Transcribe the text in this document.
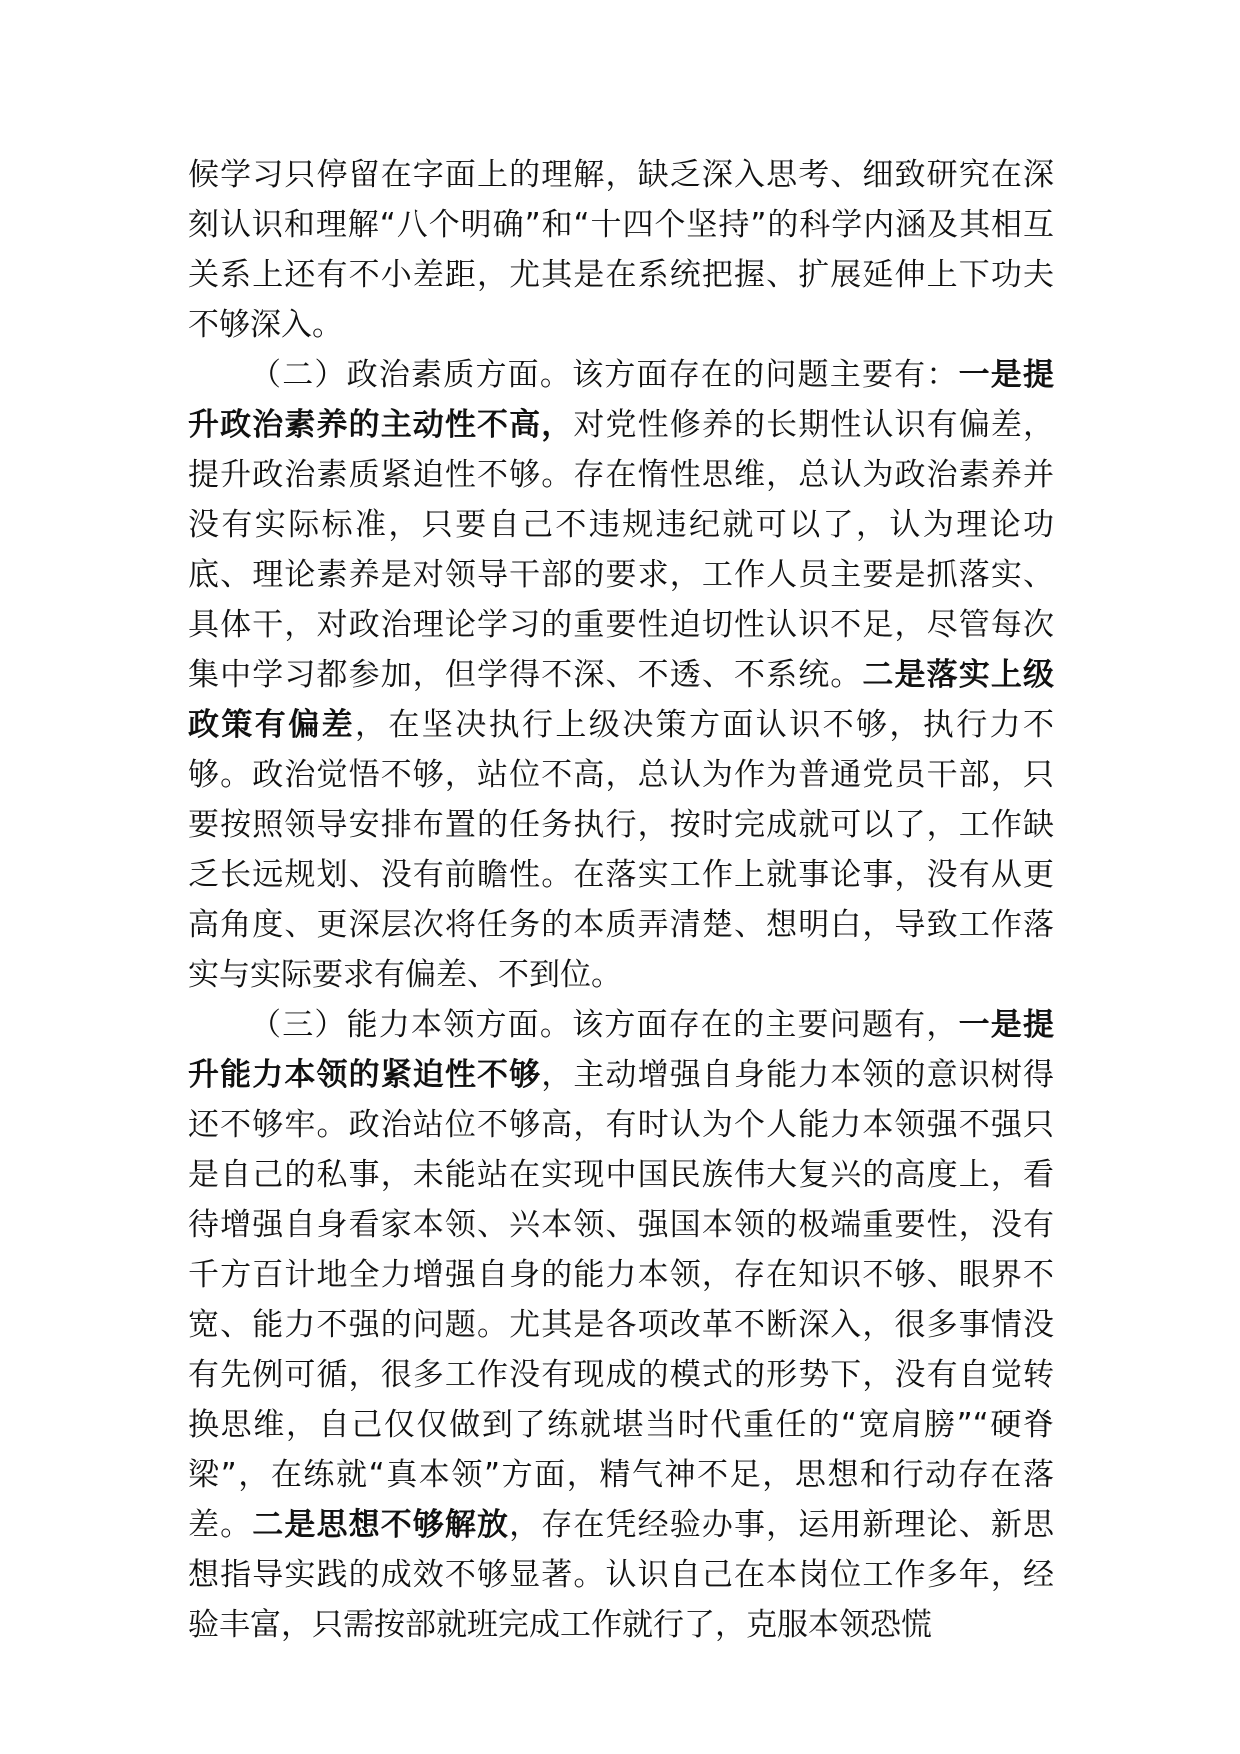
候学习只停留在字面上的理解，缺乏深入思考、细致研究在深刻认识和理解“八个明确”和“十四个坚持”的科学内涵及其相互关系上还有不小差距，尤其是在系统把握、扩展延伸上下功夫不够深入。

（二）政治素质方面。该方面存在的问题主要有：一是提升政治素养的主动性不高，对党性修养的长期性认识有偏差，提升政治素质紧迫性不够。存在惰性思维，总认为政治素养并没有实际标准，只要自己不违规违纪就可以了，认为理论功底、理论素养是对领导干部的要求，工作人员主要是抓落实、具体干，对政治理论学习的重要性迫切性认识不足，尽管每次集中学习都参加，但学得不深、不透、不系统。二是落实上级政策有偏差，在坚决执行上级决策方面认识不够，执行力不够。政治觉悟不够，站位不高，总认为作为普通党员干部，只要按照领导安排布置的任务执行，按时完成就可以了，工作缺乏长远规划、没有前瞻性。在落实工作上就事论事，没有从更高角度、更深层次将任务的本质弄清楚、想明白，导致工作落实与实际要求有偏差、不到位。

（三）能力本领方面。该方面存在的主要问题有，一是提升能力本领的紧迫性不够，主动增强自身能力本领的意识树得还不够牢。政治站位不够高，有时认为个人能力本领强不强只是自己的私事，未能站在实现中国民族伟大复兴的高度上，看待增强自身看家本领、兴本领、强国本领的极端重要性，没有千方百计地全力增强自身的能力本领，存在知识不够、眼界不宽、能力不强的问题。尤其是各项改革不断深入，很多事情没有先例可循，很多工作没有现成的模式的形势下，没有自觉转换思维，自己仅仅做到了练就堪当时代重任的“宽肩膀”“硬脊梁”，在练就“真本领”方面，精气神不足，思想和行动存在落差。二是思想不够解放，存在凭经验办事，运用新理论、新思想指导实践的成效不够显著。认识自己在本岗位工作多年，经验丰富，只需按部就班完成工作就行了，克服本领恐慌
